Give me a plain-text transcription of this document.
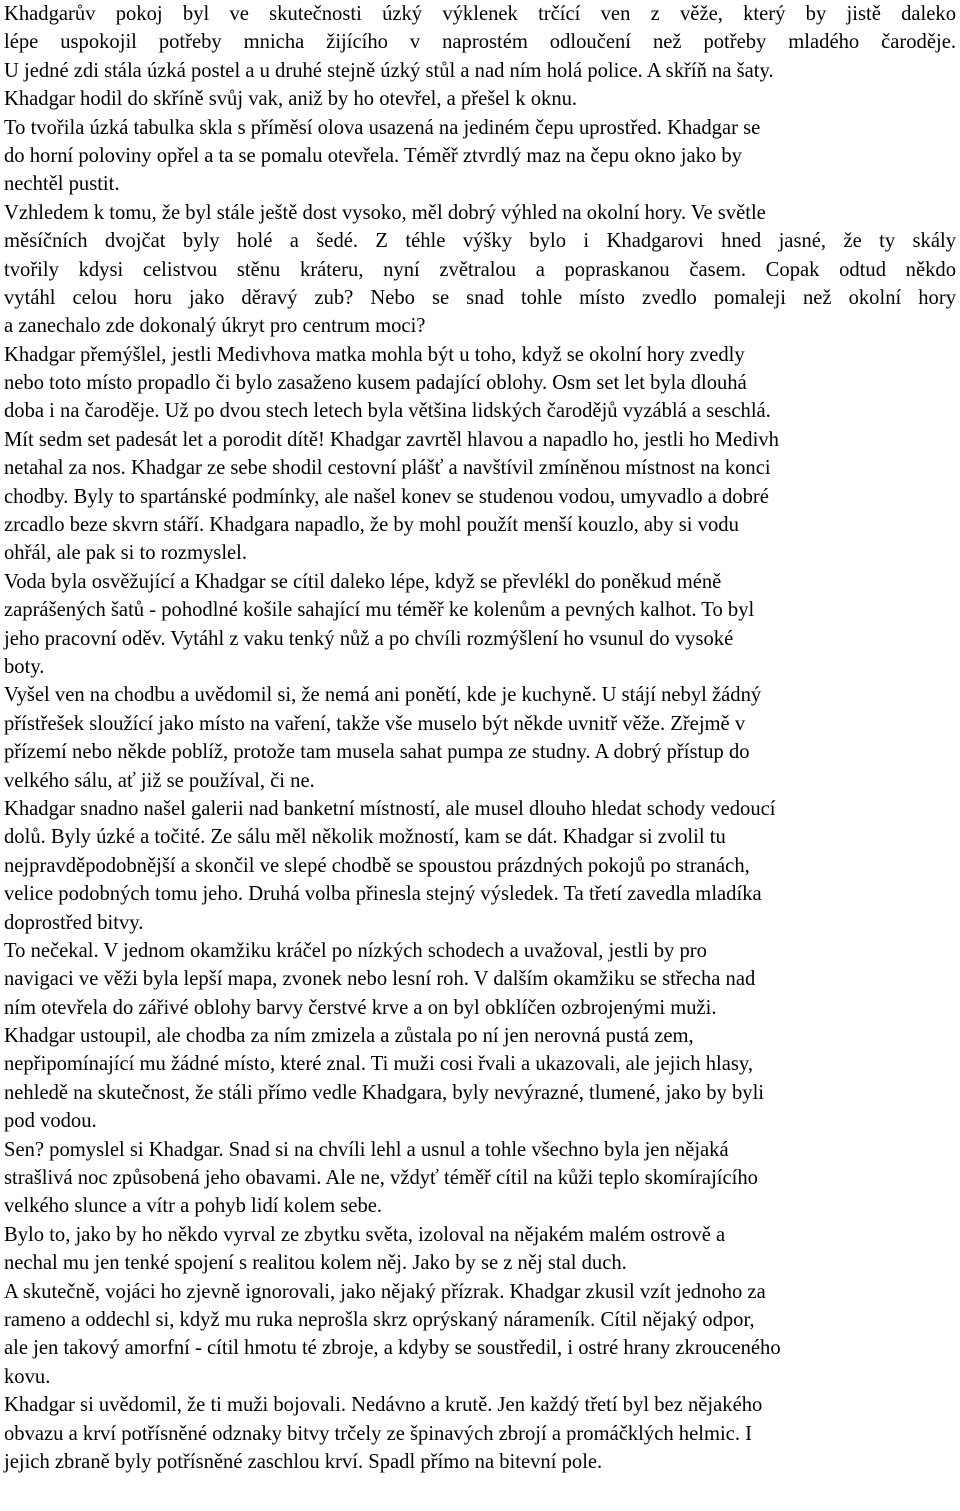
Khadgarův pokoj byl ve skutečnosti úzký výklenek trčící ven z věže, který by jistě daleko

lépe uspokojil potřeby mnicha žijícího v naprostém odloučení než potřeby mladého čaroděje.

U jedné zdi stála úzká postel a u druhé stejně úzký stůl a nad ním holá police. A skříň na šaty.

Khadgar hodil do skříně svůj vak, aniž by ho otevřel, a přešel k oknu.

To tvořila úzká tabulka skla s příměsí olova usazená na jediném čepu uprostřed. Khadgar se

do horní poloviny opřel a ta se pomalu otevřela. Téměř ztvrdlý maz na čepu okno jako by

nechtěl pustit.

Vzhledem k tomu, že byl stále ještě dost vysoko, měl dobrý výhled na okolní hory. Ve světle

měsíčních dvojčat byly holé a šedé. Z téhle výšky bylo i Khadgarovi hned jasné, že ty skály

tvořily kdysi celistvou stěnu kráteru, nyní zvětralou a popraskanou časem. Copak odtud někdo

vytáhl celou horu jako děravý zub? Nebo se snad tohle místo zvedlo pomaleji než okolní hory

a zanechalo zde dokonalý úkryt pro centrum moci?

Khadgar přemýšlel, jestli Medivhova matka mohla být u toho, když se okolní hory zvedly

nebo toto místo propadlo či bylo zasaženo kusem padající oblohy. Osm set let byla dlouhá

doba i na čaroděje. Už po dvou stech letech byla většina lidských čarodějů vyzáblá a seschlá.

Mít sedm set padesát let a porodit dítě! Khadgar zavrtěl hlavou a napadlo ho, jestli ho Medivh

netahal za nos. Khadgar ze sebe shodil cestovní plášť a navštívil zmíněnou místnost na konci

chodby. Byly to spartánské podmínky, ale našel konev se studenou vodou, umyvadlo a dobré

zrcadlo beze skvrn stáří. Khadgara napadlo, že by mohl použít menší kouzlo, aby si vodu

ohřál, ale pak si to rozmyslel.

Voda byla osvěžující a Khadgar se cítil daleko lépe, když se převlékl do poněkud méně

zaprášených šatů - pohodlné košile sahající mu téměř ke kolenům a pevných kalhot. To byl

jeho pracovní oděv. Vytáhl z vaku tenký nůž a po chvíli rozmýšlení ho vsunul do vysoké

boty.

Vyšel ven na chodbu a uvědomil si, že nemá ani ponětí, kde je kuchyně. U stájí nebyl žádný

přístřešek sloužící jako místo na vaření, takže vše muselo být někde uvnitř věže. Zřejmě v

přízemí nebo někde poblíž, protože tam musela sahat pumpa ze studny. A dobrý přístup do

velkého sálu, ať již se používal, či ne.

Khadgar snadno našel galerii nad banketní místností, ale musel dlouho hledat schody vedoucí

dolů. Byly úzké a točité. Ze sálu měl několik možností, kam se dát. Khadgar si zvolil tu

nejpravděpodobnější a skončil ve slepé chodbě se spoustou prázdných pokojů po stranách,

velice podobných tomu jeho. Druhá volba přinesla stejný výsledek. Ta třetí zavedla mladíka

doprostřed bitvy.

To nečekal. V jednom okamžiku kráčel po nízkých schodech a uvažoval, jestli by pro

navigaci ve věži byla lepší mapa, zvonek nebo lesní roh. V dalším okamžiku se střecha nad

ním otevřela do zářivé oblohy barvy čerstvé krve a on byl obklíčen ozbrojenými muži.

Khadgar ustoupil, ale chodba za ním zmizela a zůstala po ní jen nerovná pustá zem,

nepřipomínající mu žádné místo, které znal. Ti muži cosi řvali a ukazovali, ale jejich hlasy,

nehledě na skutečnost, že stáli přímo vedle Khadgara, byly nevýrazné, tlumené, jako by byli

pod vodou.

Sen? pomyslel si Khadgar. Snad si na chvíli lehl a usnul a tohle všechno byla jen nějaká

strašlivá noc způsobená jeho obavami. Ale ne, vždyť téměř cítil na kůži teplo skomírajícího

velkého slunce a vítr a pohyb lidí kolem sebe.

Bylo to, jako by ho někdo vyrval ze zbytku světa, izoloval na nějakém malém ostrově a

nechal mu jen tenké spojení s realitou kolem něj. Jako by se z něj stal duch.

A skutečně, vojáci ho zjevně ignorovali, jako nějaký přízrak. Khadgar zkusil vzít jednoho za

rameno a oddechl si, když mu ruka neprošla skrz oprýskaný nárameník. Cítil nějaký odpor,

ale jen takový amorfní - cítil hmotu té zbroje, a kdyby se soustředil, i ostré hrany zkrouceného

kovu.

Khadgar si uvědomil, že ti muži bojovali. Nedávno a krutě. Jen každý třetí byl bez nějakého

obvazu a krví potřísněné odznaky bitvy trčely ze špinavých zbrojí a promáčklých helmic. I

jejich zbraně byly potřísněné zaschlou krví. Spadl přímo na bitevní pole.
